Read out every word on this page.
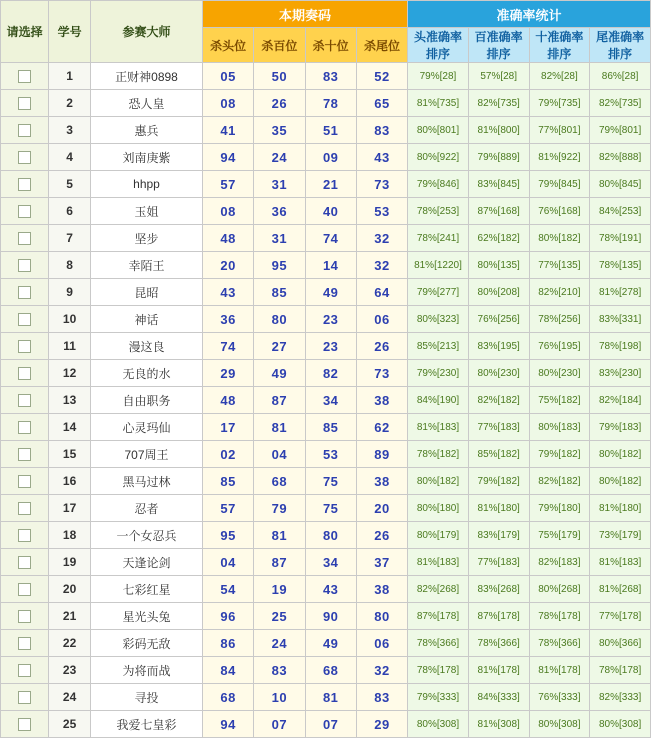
请选择	学号	参赛大师	本期奏码				准确率统计			
			杀头位	杀百位	杀十位	杀尾位	头准确率排序	百准确率排序	十准确率排序	尾准确率排序
	1	正财神0898	05	50	83	52	79%[28]	57%[28]	82%[28]	86%[28]
	2	恐人皇	08	26	78	65	81%[735]	82%[735]	79%[735]	82%[735]
	3	惠兵	41	35	51	83	80%[801]	81%[800]	77%[801]	79%[801]
	4	刘南庚紫	94	24	09	43	80%[922]	79%[889]	81%[922]	82%[888]
	5	hhpp	57	31	21	73	79%[846]	83%[845]	79%[845]	80%[845]
	6	玉姐	08	36	40	53	78%[253]	87%[168]	76%[168]	84%[253]
	7	坚步	48	31	74	32	78%[241]	62%[182]	80%[182]	78%[191]
	8	幸陌王	20	95	14	32	81%[1220]	80%[135]	77%[135]	78%[135]
	9	昆昭	43	85	49	64	79%[277]	80%[208]	82%[210]	81%[278]
	10	神话	36	80	23	06	80%[323]	76%[256]	78%[256]	83%[331]
	11	漫这良	74	27	23	26	85%[213]	83%[195]	76%[195]	78%[198]
	12	无良的水	29	49	82	73	79%[230]	80%[230]	80%[230]	83%[230]
	13	自由职务	48	87	34	38	84%[190]	82%[182]	75%[182]	82%[184]
	14	心灵玛仙	17	81	85	62	81%[183]	77%[183]	80%[183]	79%[183]
	15	707周王	02	04	53	89	78%[182]	85%[182]	79%[182]	80%[182]
	16	黑马过林	85	68	75	38	80%[182]	79%[182]	82%[182]	80%[182]
	17	忍者	57	79	75	20	80%[180]	81%[180]	79%[180]	81%[180]
	18	一个女忍兵	95	81	80	26	80%[179]	83%[179]	75%[179]	73%[179]
	19	天逢论剑	04	87	34	37	81%[183]	77%[183]	82%[183]	81%[183]
	20	七彩红星	54	19	43	38	82%[268]	83%[268]	80%[268]	81%[268]
	21	星光头兔	96	25	90	80	87%[178]	87%[178]	78%[178]	77%[178]
	22	彩码无敌	86	24	49	06	78%[366]	78%[366]	78%[366]	80%[366]
	23	为将而战	84	83	68	32	78%[178]	81%[178]	81%[178]	78%[178]
	24	寻投	68	10	81	83	79%[333]	84%[333]	76%[333]	82%[333]
	25	我爱七皇彩	94	07	07	29	80%[308]	81%[308]	80%[308]	80%[308]
